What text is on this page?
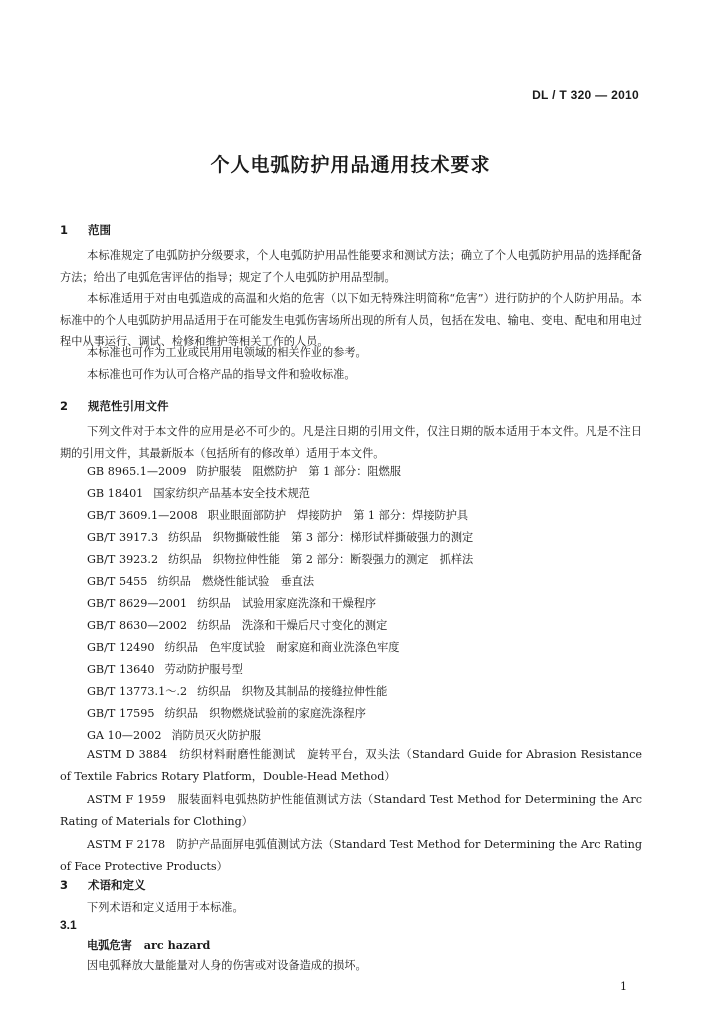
DL / T 320 — 2010
个人电弧防护用品通用技术要求
1 范围

本标准规定了电弧防护分级要求，个人电弧防护用品性能要求和测试方法；确立了个人电弧防护用品的选择配备方法；给出了电弧危害评估的指导；规定了个人电弧防护用品型制。

本标准适用于对由电弧造成的高温和火焰的危害（以下如无特殊注明简称“危害”）进行防护的个人防护用品。本标准中的个人电弧防护用品适用于在可能发生电弧伤害场所出现的所有人员，包括在发电、输电、变电、配电和用电过程中从事运行、调试、检修和维护等相关工作的人员。

本标准也可作为工业或民用用电领域的相关作业的参考。

本标准也可作为认可合格产品的指导文件和验收标准。

2 规范性引用文件

下列文件对于本文件的应用是必不可少的。凡是注日期的引用文件，仅注日期的版本适用于本文件。凡是不注日期的引用文件，其最新版本（包括所有的修改单）适用于本文件。

GB 8965.1—2009 防护服装　阻燃防护　第 1 部分：阻燃服
GB 18401 国家纺织产品基本安全技术规范
GB/T 3609.1—2008 职业眼面部防护　焊接防护　第 1 部分：焊接防护具
GB/T 3917.3 纺织品　织物撕破性能　第 3 部分：梯形试样撕破强力的测定
GB/T 3923.2 纺织品　织物拉伸性能　第 2 部分：断裂强力的测定　抓样法
GB/T 5455 纺织品　燃烧性能试验　垂直法
GB/T 8629—2001 纺织品　试验用家庭洗涤和干燥程序
GB/T 8630—2002 纺织品　洗涤和干燥后尺寸变化的测定
GB/T 12490 纺织品　色牢度试验　耐家庭和商业洗涤色牢度
GB/T 13640 劳动防护服号型
GB/T 13773.1～.2 纺织品　织物及其制品的接缝拉伸性能
GB/T 17595 纺织品　织物燃烧试验前的家庭洗涤程序
GA 10—2002 消防员灭火防护服

ASTM D 3884　 纺织材料耐磨性能测试　旋转平台，双头法（Standard Guide for Abrasion Resistance of Textile Fabrics Rotary Platform，Double-Head Method）

ASTM F 1959　 服装面料电弧热防护性能值测试方法（Standard Test Method for Determining the Arc Rating of Materials for Clothing）

ASTM F 2178　 防护产品面屏电弧值测试方法（Standard Test Method for Determining the Arc Rating of Face Protective Products）

3 术语和定义

下列术语和定义适用于本标准。

3.1
电弧危害 arc hazard
因电弧释放大量能量对人身的伤害或对设备造成的损坏。
1
